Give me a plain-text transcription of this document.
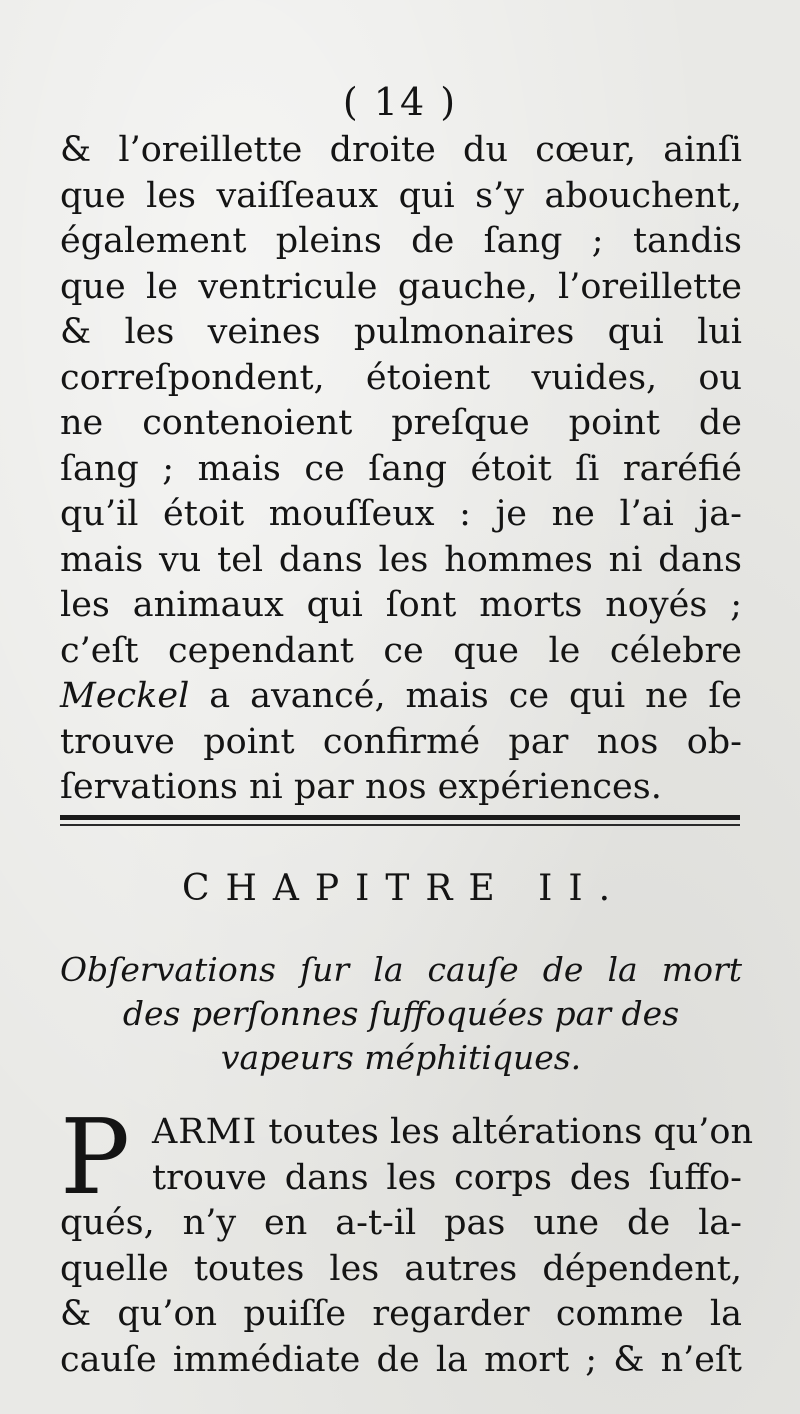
( 14 )
& l’oreillette droite du cœur, ainſi
que les vaiſſeaux qui s’y abouchent,
également pleins de ſang ; tandis
que le ventricule gauche, l’oreillette
& les veines pulmonaires qui lui
correſpondent, étoient vuides, ou
ne contenoient preſque point de
ſang ; mais ce ſang étoit ſi raréfié
qu’il étoit mouſſeux : je ne l’ai ja-
mais vu tel dans les hommes ni dans
les animaux qui ſont morts noyés ;
c’eſt cependant ce que le célebre
Meckel a avancé, mais ce qui ne ſe
trouve point confirmé par nos ob-
ſervations ni par nos expériences.
CHAPITRE II.
Obſervations ſur la cauſe de la mort
des perſonnes ſuffoquées par des
vapeurs méphitiques.
P ARMI toutes les altérations qu’on
trouve dans les corps des ſuffo-
qués, n’y en a-t-il pas une de la-
quelle toutes les autres dépendent,
& qu’on puiſſe regarder comme la
cauſe immédiate de la mort ; & n’eſt
